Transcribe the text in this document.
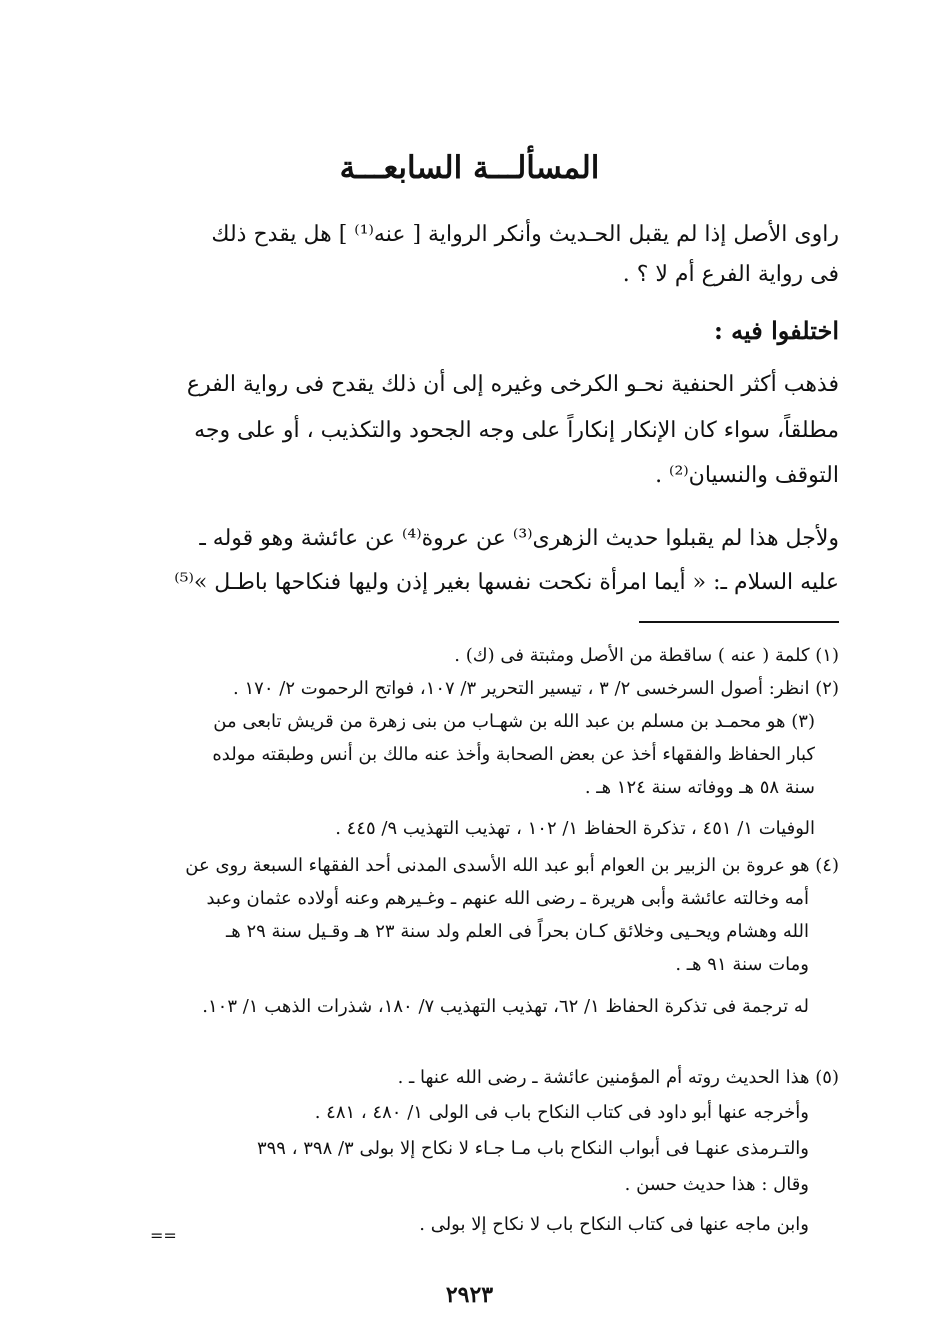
المسألـــة السابعـــة

راوى الأصل إذا لم يقبل الحـديث وأنكر الرواية [ عنه⁽¹⁾ ] هل يقدح ذلك

فى رواية الفرع أم لا ؟ .

اختلفوا فيه :

فذهب أكثر الحنفية نحـو الكرخى وغيره إلى أن ذلك يقدح فى رواية الفرع

مطلقاً، سواء كان الإنكار إنكاراً على وجه الجحود والتكذيب ، أو على وجه

التوقف والنسيان⁽²⁾ .

ولأجل هذا لم يقبلوا حديث الزهرى⁽³⁾ عن عروة⁽⁴⁾ عن عائشة وهو قوله ـ

عليه السلام ـ: « أيما امرأة نكحت نفسها بغير إذن وليها فنكاحها باطـل »⁽⁵⁾

(١) كلمة ( عنه ) ساقطة من الأصل ومثبتة فى (ك) .

(٢) انظر: أصول السرخسى ٢/ ٣ ، تيسير التحرير ٣/ ١٠٧، فواتح الرحموت ٢/ ١٧٠ .

(٣) هو محمـد بن مسلم بن عبد الله بن شهـاب من بنى زهرة من قريش تابعى من

كبار الحفاظ والفقهاء أخذ عن بعض الصحابة وأخذ عنه مالك بن أنس وطبقته مولده

سنة ٥٨ هـ ووفاته سنة ١٢٤ هـ .

الوفيات ١/ ٤٥١ ، تذكرة الحفاظ ١/ ١٠٢ ، تهذيب التهذيب ٩/ ٤٤٥ .

(٤) هو عروة بن الزبير بن العوام أبو عبد الله الأسدى المدنى أحد الفقهاء السبعة روى عن

أمه وخالته عائشة وأبى هريرة ـ رضى الله عنهم ـ وغـيرهم وعنه أولاده عثمان وعبد

الله وهشام ويحـيى وخلائق كـان بحراً فى العلم ولد سنة ٢٣ هـ وقـيل سنة ٢٩ هـ

ومات سنة ٩١ هـ .

له ترجمة فى تذكرة الحفاظ ١/ ٦٢، تهذيب التهذيب ٧/ ١٨٠، شذرات الذهب ١/ ١٠٣.

(٥) هذا الحديث روته أم المؤمنين عائشة ـ رضى الله عنها ـ .

وأخرجه عنها أبو داود فى كتاب النكاح باب فى الولى ١/ ٤٨٠ ، ٤٨١ .

والتـرمذى عنهـا فى أبواب النكاح باب مـا جـاء لا نكاح إلا بولى ٣/ ٣٩٨ ، ٣٩٩

وقال : هذا حديث حسن .

وابن ماجه عنها فى كتاب النكاح باب لا نكاح إلا بولى .

==

٢٩٢٣
